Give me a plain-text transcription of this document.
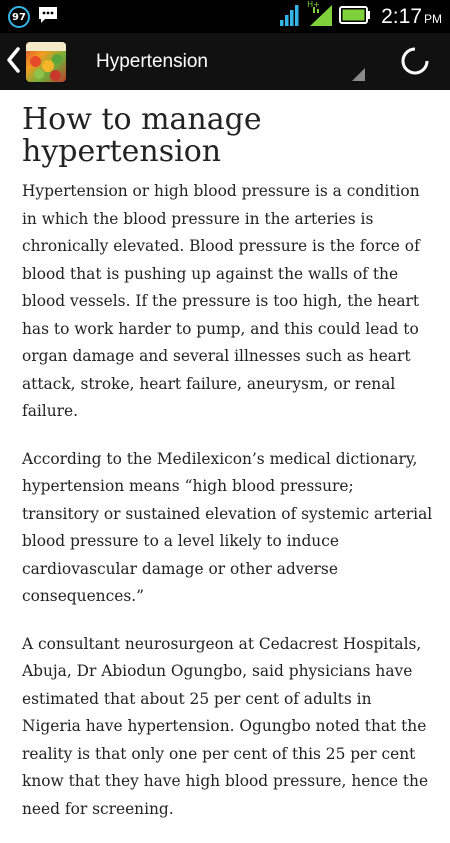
97
H+
2:17 PM
Hypertension
How to manage hypertension

Hypertension or high blood pressure is a condition in which the blood pressure in the arteries is chronically elevated. Blood pressure is the force of blood that is pushing up against the walls of the blood vessels. If the pressure is too high, the heart has to work harder to pump, and this could lead to organ damage and several illnesses such as heart attack, stroke, heart failure, aneurysm, or renal failure.

According to the Medilexicon’s medical dictionary, hypertension means “high blood pressure; transitory or sustained elevation of systemic arterial blood pressure to a level likely to induce cardiovascular damage or other adverse consequences.”

A consultant neurosurgeon at Cedacrest Hospitals, Abuja, Dr Abiodun Ogungbo, said physicians have estimated that about 25 per cent of adults in Nigeria have hypertension. Ogungbo noted that the reality is that only one per cent of this 25 per cent know that they have high blood pressure, hence the need for screening.
